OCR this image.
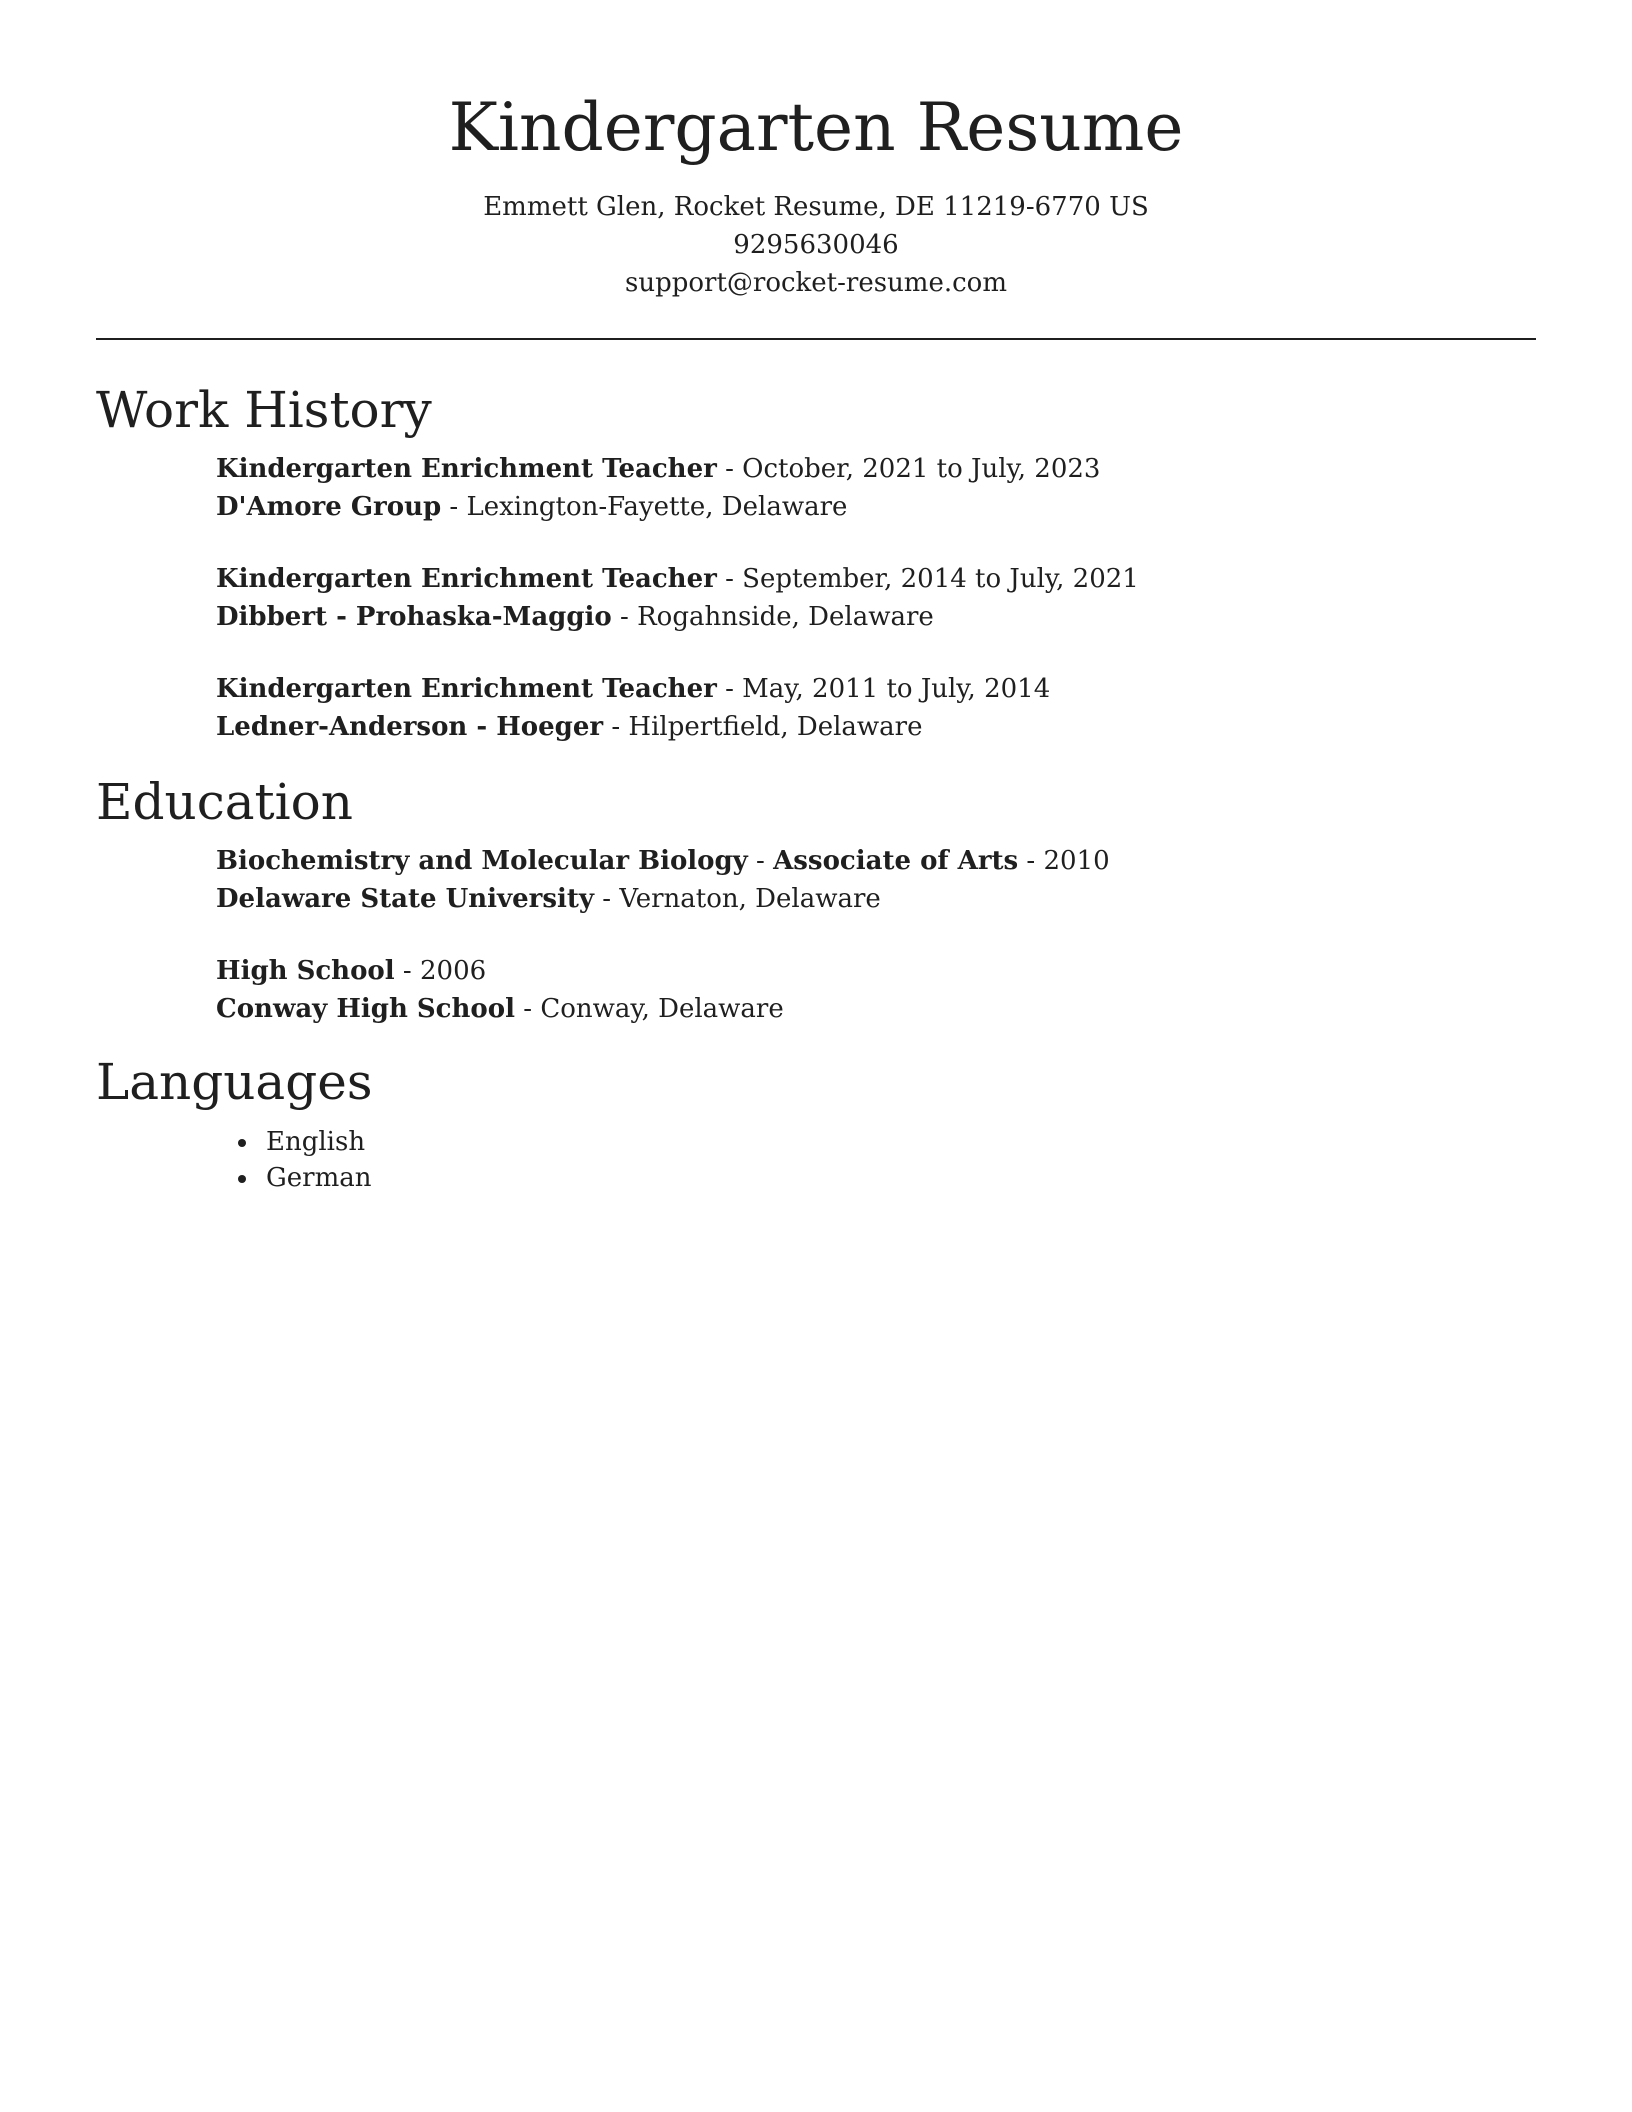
Kindergarten Resume
Emmett Glen, Rocket Resume, DE 11219-6770 US
9295630046
support@rocket-resume.com
Work History
Kindergarten Enrichment Teacher - October, 2021 to July, 2023
D'Amore Group - Lexington-Fayette, Delaware
Kindergarten Enrichment Teacher - September, 2014 to July, 2021
Dibbert - Prohaska-Maggio - Rogahnside, Delaware
Kindergarten Enrichment Teacher - May, 2011 to July, 2014
Ledner-Anderson - Hoeger - Hilpertfield, Delaware
Education
Biochemistry and Molecular Biology - Associate of Arts - 2010
Delaware State University - Vernaton, Delaware
High School - 2006
Conway High School - Conway, Delaware
Languages
• English
• German
